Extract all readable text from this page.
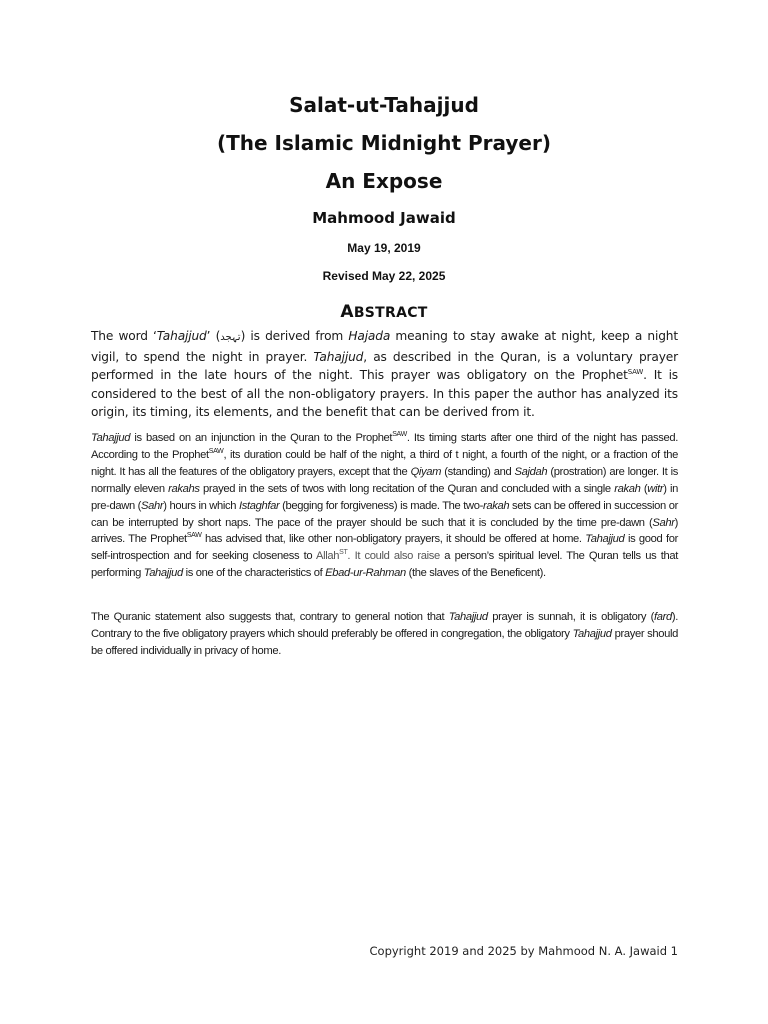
Salat-ut-Tahajjud
(The Islamic Midnight Prayer)
An Expose
Mahmood Jawaid
May 19, 2019
Revised May 22, 2025
ABSTRACT

The word ‘Tahajjud’ (تہجد) is derived from Hajada meaning to stay awake at night, keep a night vigil, to spend the night in prayer. Tahajjud, as described in the Quran, is a voluntary prayer performed in the late hours of the night. This prayer was obligatory on the Prophet$^{SAW}$. It is considered to the best of all the non-obligatory prayers. In this paper the author has analyzed its origin, its timing, its elements, and the benefit that can be derived from it.

Tahajjud is based on an injunction in the Quran to the Prophet$^{SAW}$. Its timing starts after one third of the night has passed. According to the Prophet$^{SAW}$, its duration could be half of the night, a third of t night, a fourth of the night, or a fraction of the night. It has all the features of the obligatory prayers, except that the Qiyam (standing) and Sajdah (prostration) are longer. It is normally eleven rakahs prayed in the sets of twos with long recitation of the Quran and concluded with a single rakah (witr) in pre-dawn (Sahr) hours in which Istaghfar (begging for forgiveness) is made. The two-rakah sets can be offered in succession or can be interrupted by short naps. The pace of the prayer should be such that it is concluded by the time pre-dawn (Sahr) arrives. The Prophet$^{SAW}$ has advised that, like other non-obligatory prayers, it should be offered at home. Tahajjud is good for self-introspection and for seeking closeness to Allah$^{ST}$. It could also raise a person’s spiritual level. The Quran tells us that performing Tahajjud is one of the characteristics of Ebad-ur-Rahman (the slaves of the Beneficent).

The Quranic statement also suggests that, contrary to general notion that Tahajjud prayer is sunnah, it is obligatory (fard). Contrary to the five obligatory prayers which should preferably be offered in congregation, the obligatory Tahajjud prayer should be offered individually in privacy of home.

Copyright 2019 and 2025 by Mahmood N. A. Jawaid 1
